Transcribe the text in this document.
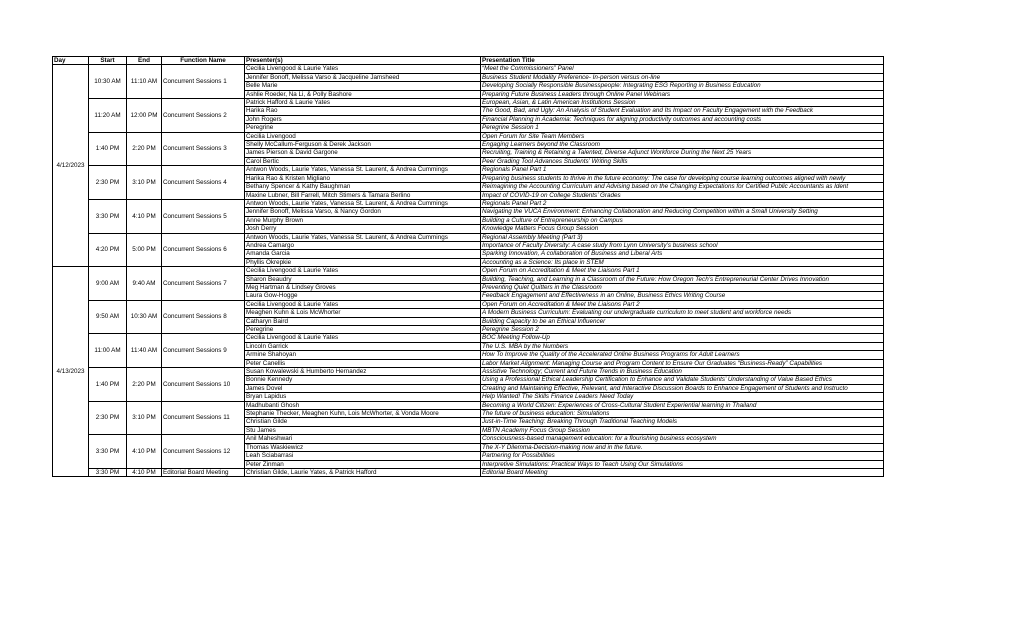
Day	Start	End	Function Name	Presenter(s)	Presentation Title
4/12/2023	10:30 AM	11:10 AM	Concurrent Sessions 1	Cecilia Livengood & Laurie Yates	“Meet the Commissioners” Panel
				Jennifer Bonoff, Melissa Varso & Jacqueline Jamsheed	Business Student Modality Preference- In-person versus on-line
				Belle Marie	Developing Socially Responsible Businesspeople: Integrating ESG Reporting in Business Education
				Ashlie Roeder, Na Li, & Polly Bashore	Preparing Future Business Leaders through Online Panel Webinars
	11:20 AM	12:00 PM	Concurrent Sessions 2	Patrick Hafford & Laurie Yates	European, Asian, & Latin American Institutions Session
				Harika Rao	The Good, Bad, and Ugly: An Analysis of Student Evaluation and Its Impact on Faculty Engagement with the Feedback
				John Rogers	Financial Planning in Academia: Techniques for aligning productivity outcomes and accounting costs
				Peregrine	Peregrine Session 1
	1:40 PM	2:20 PM	Concurrent Sessions 3	Cecilia Livengood	Open Forum for Site Team Members
				Shelly McCallum-Ferguson & Derek Jackson	Engaging Learners beyond the Classroom
				James Pierson & David Gargone	Recruiting, Training & Retaining a Talented, Diverse Adjunct Workforce During the Next 25 Years
				Carol Bertic	Peer Grading Tool Advances Students’ Writing Skills
	2:30 PM	3:10 PM	Concurrent Sessions 4	Antwon Woods, Laurie Yates, Vanessa St. Laurent, & Andrea Cummings	Regionals Panel Part 1
				Harika Rao & Kristen Migliano	Preparing business students to thrive in the future economy: The case for developing course learning outcomes aligned with newly
				Bethany Spencer & Kathy Baughman	Reimagining the Accounting Curriculum and Advising based on the Changing Expectations for Certified Public Accountants as Ident
				Maxine Lubner, Bill Farrell, Mitch Stimers & Tamara Berlino	Impact of COVID-19 on College Students’ Grades
	3:30 PM	4:10 PM	Concurrent Sessions 5	Antwon Woods, Laurie Yates, Vanessa St. Laurent, & Andrea Cummings	Regionals Panel Part 2
				Jennifer Bonoff, Melissa Varso, & Nancy Gordon	Navigating the VUCA Environment: Enhancing Collaboration and Reducing Competition within a Small University Setting
				Anne Murphy Brown	Building a Culture of Entrepreneurship on Campus
				Josh Derry	Knowledge Matters Focus Group Session
	4:20 PM	5:00 PM	Concurrent Sessions 6	Antwon Woods, Laurie Yates, Vanessa St. Laurent, & Andrea Cummings	Regional Assembly Meeting (Part 3)
				Andrea Camargo	Importance of Faculty Diversity: A case study from Lynn University’s business school
				Amanda Garcia	Sparking Innovation, A collaboration of Business and Liberal Arts
				Phyllis Okrepkie	Accounting as a Science: Its place in STEM
4/13/2023	9:00 AM	9:40 AM	Concurrent Sessions 7	Cecilia Livengood & Laurie Yates	Open Forum on Accreditation & Meet the Liaisons Part 1
				Sharon Beaudry	Building, Teaching, and Learning in a Classroom of the Future: How Oregon Tech’s Entrepreneurial Center Drives Innovation
				Meg Hartman & Lindsey Groves	Preventing Quiet Quitters in the Classroom
				Laura Gow-Hogge	Feedback Engagement and Effectiveness in an Online, Business Ethics Writing Course
	9:50 AM	10:30 AM	Concurrent Sessions 8	Cecilia Livengood & Laurie Yates	Open Forum on Accreditation & Meet the Liaisons Part 2
				Meaghen Kuhn & Lois McWhorter	A Modern Business Curriculum: Evaluating our undergraduate curriculum to meet student and workforce needs
				Catharyn Baird	Building Capacity to be an Ethical Influencer
				Peregrine	Peregrine Session 2
	11:00 AM	11:40 AM	Concurrent Sessions 9	Cecilia Livengood & Laurie Yates	BOC Meeting Follow-Up
				Lincoln Garrick	The U.S. MBA by the Numbers
				Armine Shahoyan	How To Improve the Quality of the Accelerated Online Business Programs for Adult Learners
				Peter Canellis	Labor Market Alignment: Managing Course and Program Content to Ensure Our Graduates “Business-Ready” Capabilities
	1:40 PM	2:20 PM	Concurrent Sessions 10	Susan Kowalewski & Humberto Hernandez	Assistive Technology; Current and Future Trends in Business Education
				Bonnie Kennedy	Using a Professional Ethical Leadership Certification to Enhance and Validate Students’ Understanding of Value Based Ethics
				James Dovel	Creating and Maintaining Effective, Relevant, and Interactive Discussion Boards to Enhance Engagement of Students and Instructo
				Bryan Lapidus	Help Wanted! The Skills Finance Leaders Need Today
	2:30 PM	3:10 PM	Concurrent Sessions 11	Madhubanti Ghosh	Becoming a World Citizen: Experiences of Cross-Cultural Student Experiential learning in Thailand
				Stephanie Thecker, Meaghen Kuhn, Lois McWhorter, & Vonda Moore	The future of business education: Simulations
				Christian Gilde	Just-in-Time Teaching: Breaking Through Traditional Teaching Models
				Stu James	MBTN Academy Focus Group Session
	3:30 PM	4:10 PM	Concurrent Sessions 12	Anil Maheshwari	Consciousness-based management education: for a flourishing business ecosystem
				Thomas Waskiewicz	The X-Y Dilemma-Decision-making now and in the future.
				Leah Sciabarrasi	Partnering for Possibilities
				Peter Zinman	Interpretive Simulations: Practical Ways to Teach Using Our Simulations
	3:30 PM	4:10 PM	Editorial Board Meeting	Christian Gilde, Laurie Yates, & Patrick Hafford	Editorial Board Meeting
